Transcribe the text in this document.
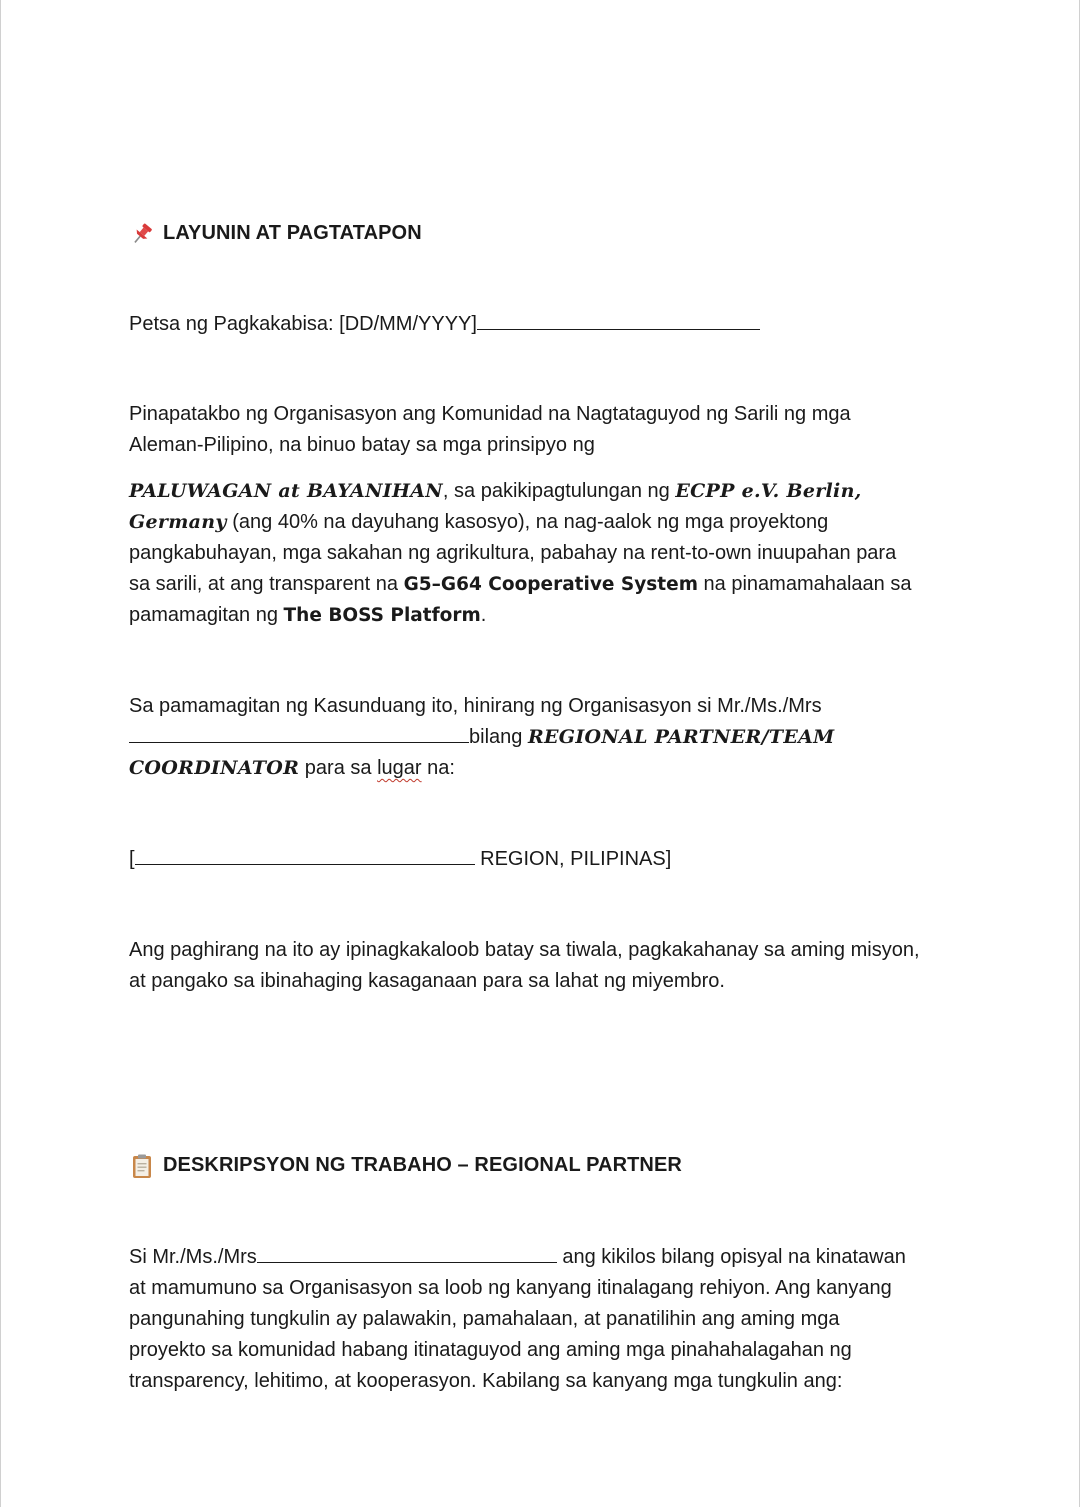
LAYUNIN AT PAGTATAPON
Petsa ng Pagkakabisa: [DD/MM/YYYY]
Pinapatakbo ng Organisasyon ang Komunidad na Nagtataguyod ng Sarili ng mga
Aleman-Pilipino, na binuo batay sa mga prinsipyo ng
PALUWAGAN at BAYANIHAN, sa pakikipagtulungan ng ECPP e.V. Berlin,
Germany (ang 40% na dayuhang kasosyo), na nag-aalok ng mga proyektong
pangkabuhayan, mga sakahan ng agrikultura, pabahay na rent-to-own inuupahan para
sa sarili, at ang transparent na G5–G64 Cooperative System na pinamamahalaan sa
pamamagitan ng The BOSS Platform.
Sa pamamagitan ng Kasunduang ito, hinirang ng Organisasyon si Mr./Ms./Mrs
bilang REGIONAL PARTNER/TEAM
COORDINATOR para sa lugar na:
[	REGION, PILIPINAS]
Ang paghirang na ito ay ipinagkakaloob batay sa tiwala, pagkakahanay sa aming misyon,
at pangako sa ibinahaging kasaganaan para sa lahat ng miyembro.
DESKRIPSYON NG TRABAHO – REGIONAL PARTNER
Si Mr./Ms./Mrs	ang kikilos bilang opisyal na kinatawan
at mamumuno sa Organisasyon sa loob ng kanyang itinalagang rehiyon. Ang kanyang
pangunahing tungkulin ay palawakin, pamahalaan, at panatilihin ang aming mga
proyekto sa komunidad habang itinataguyod ang aming mga pinahahalagahan ng
transparency, lehitimo, at kooperasyon. Kabilang sa kanyang mga tungkulin ang:
